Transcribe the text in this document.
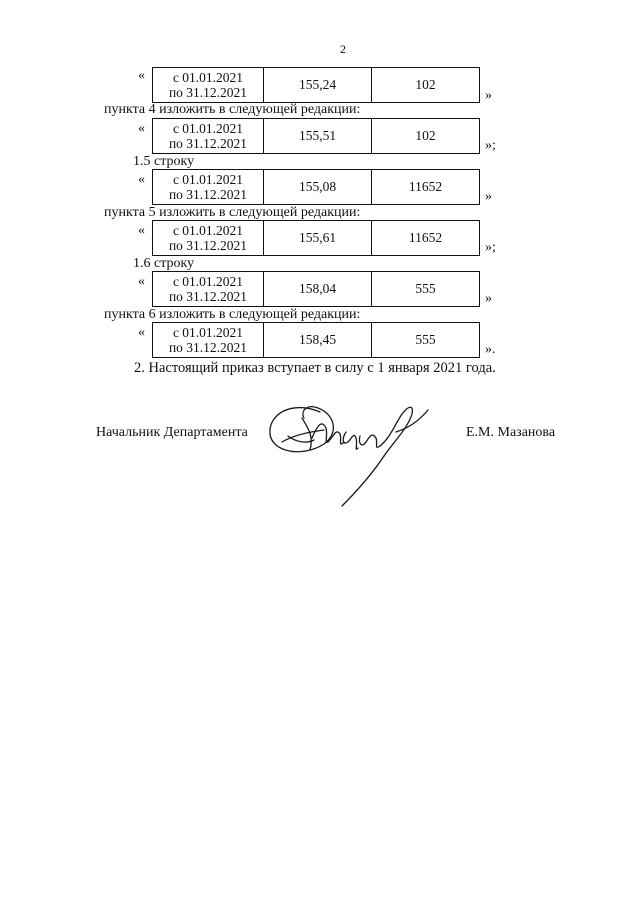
2
« с 01.01.2021
по 31.12.2021
155,24	102
»
пункта 4 изложить в следующей редакции:
« с 01.01.2021
по 31.12.2021
155,51	102
»;
1.5 строку
« с 01.01.2021
по 31.12.2021
155,08	11652
»
пункта 5 изложить в следующей редакции:
« с 01.01.2021
по 31.12.2021
155,61	11652
»;
1.6 строку
« с 01.01.2021
по 31.12.2021
158,04	555
»
пункта 6 изложить в следующей редакции:
« с 01.01.2021
по 31.12.2021
158,45	555
».
2. Настоящий приказ вступает в силу с 1 января 2021 года.
Начальник Департамента	Е.М. Мазанова
